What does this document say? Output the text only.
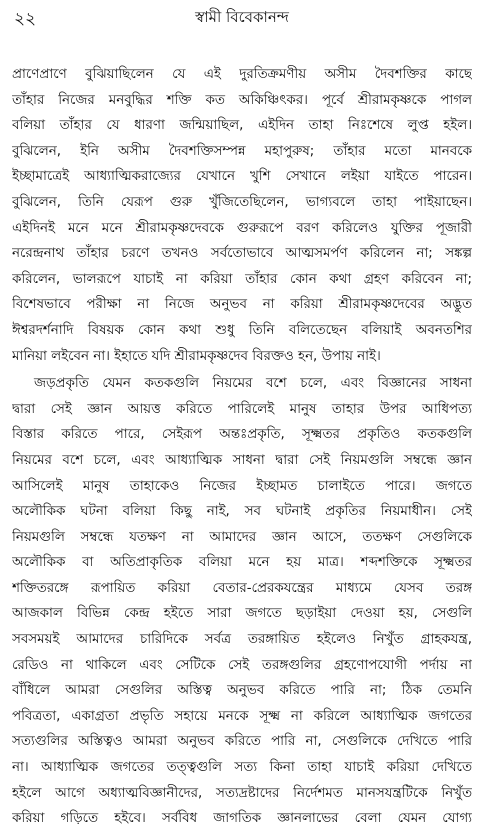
২২	স্বামী বিবেকানন্দ

প্রাণেপ্রাণে বুঝিয়াছিলেন যে এই দুরতিক্রমণীয় অসীম দৈবশক্তির কাছে
তাঁহার নিজের মনবুদ্ধির শক্তি কত অকিঞ্চিৎকর। পূর্বে শ্রীরামকৃষ্ণকে পাগল
বলিয়া তাঁহার যে ধারণা জন্মিয়াছিল, এইদিন তাহা নিঃশেষে লুপ্ত হইল।
বুঝিলেন, ইনি অসীম দৈবশক্তিসম্পন্ন মহাপুরুষ; তাঁহার মতো মানবকে
ইচ্ছামাত্রেই আধ্যাত্মিকরাজ্যের যেখানে খুশি সেখানে লইয়া যাইতে পারেন।
বুঝিলেন, তিনি যেরূপ গুরু খুঁজিতেছিলেন, ভাগ্যবলে তাহা পাইয়াছেন।
এইদিনই মনে মনে শ্রীরামকৃষ্ণদেবকে গুরুরূপে বরণ করিলেও যুক্তির পূজারী
নরেন্দ্রনাথ তাঁহার চরণে তখনও সর্বতোভাবে আত্মসমর্পণ করিলেন না; সঙ্কল্প
করিলেন, ভালরূপে যাচাই না করিয়া তাঁহার কোন কথা গ্রহণ করিবেন না;
বিশেষভাবে পরীক্ষা না নিজে অনুভব না করিয়া শ্রীরামকৃষ্ণদেবের অদ্ভুত
ঈশ্বরদর্শনাদি বিষয়ক কোন কথা শুধু তিনি বলিতেছেন বলিয়াই অবনতশির
মানিয়া লইবেন না। ইহাতে যদি শ্রীরামকৃষ্ণদেব বিরক্তও হন, উপায় নাই।

জড়প্রকৃতি যেমন কতকগুলি নিয়মের বশে চলে, এবং বিজ্ঞানের সাধনা
দ্বারা সেই জ্ঞান আয়ত্ত করিতে পারিলেই মানুষ তাহার উপর আধিপত্য
বিস্তার করিতে পারে, সেইরূপ অন্তঃপ্রকৃতি, সূক্ষ্মতর প্রকৃতিও কতকগুলি
নিয়মের বশে চলে, এবং আধ্যাত্মিক সাধনা দ্বারা সেই নিয়মগুলি সম্বন্ধে জ্ঞান
আসিলেই মানুষ তাহাকেও নিজের ইচ্ছামত চালাইতে পারে। জগতে
অলৌকিক ঘটনা বলিয়া কিছু নাই, সব ঘটনাই প্রকৃতির নিয়মাধীন। সেই
নিয়মগুলি সম্বন্ধে যতক্ষণ না আমাদের জ্ঞান আসে, ততক্ষণ সেগুলিকে
অলৌকিক বা অতিপ্রাকৃতিক বলিয়া মনে হয় মাত্র। শব্দশক্তিকে সূক্ষ্মতর
শক্তিতরঙ্গে রূপায়িত করিয়া বেতার-প্রেরকযন্ত্রের মাধ্যমে যেসব তরঙ্গ
আজকাল বিভিন্ন কেন্দ্র হইতে সারা জগতে ছড়াইয়া দেওয়া হয়, সেগুলি
সবসময়ই আমাদের চারিদিকে সর্বত্র তরঙ্গায়িত হইলেও নিখুঁত গ্রাহকযন্ত্র,
রেডিও না থাকিলে এবং সেটিকে সেই তরঙ্গগুলির গ্রহণোপযোগী পর্দায় না
বাঁধিলে আমরা সেগুলির অস্তিত্ব অনুভব করিতে পারি না; ঠিক তেমনি
পবিত্রতা, একাগ্রতা প্রভৃতি সহায়ে মনকে সূক্ষ্ম না করিলে আধ্যাত্মিক জগতের
সত্যগুলির অস্তিত্বও আমরা অনুভব করিতে পারি না, সেগুলিকে দেখিতে পারি
না। আধ্যাত্মিক জগতের তত্ত্বগুলি সত্য কিনা তাহা যাচাই করিয়া দেখিতে
হইলে আগে অধ্যাত্মবিজ্ঞানীদের, সত্যদ্রষ্টাদের নির্দেশমত মানসযন্ত্রটিকে নিখুঁত
করিয়া গড়িতে হইবে। সর্ববিধ জাগতিক জ্ঞানলাভের বেলা যেমন যোগ্য
